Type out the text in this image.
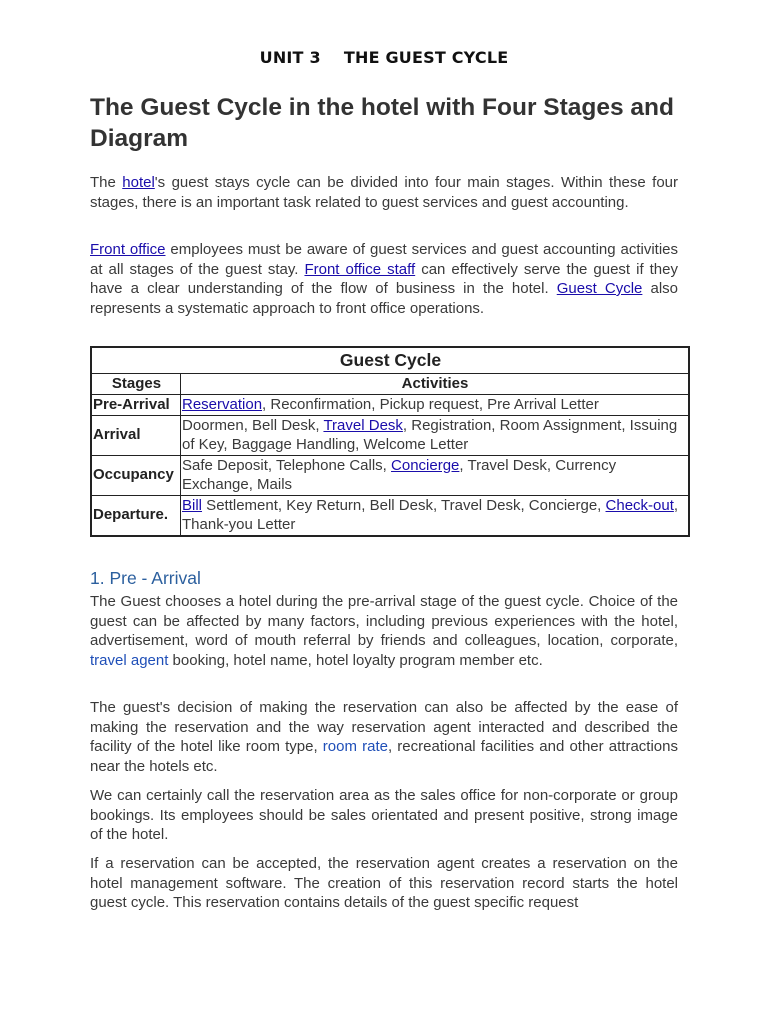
UNIT 3    THE GUEST CYCLE
The Guest Cycle in the hotel with Four Stages and Diagram

The hotel's guest stays cycle can be divided into four main stages. Within these four stages, there is an important task related to guest services and guest accounting.

Front office employees must be aware of guest services and guest accounting activities at all stages of the guest stay. Front office staff can effectively serve the guest if they have a clear understanding of the flow of business in the hotel. Guest Cycle also represents a systematic approach to front office operations.

Guest Cycle	
Stages	Activities
Pre-Arrival	Reservation, Reconfirmation, Pickup request, Pre Arrival Letter
Arrival	Doormen, Bell Desk, Travel Desk, Registration, Room Assignment, Issuing of Key, Baggage Handling, Welcome Letter
Occupancy	Safe Deposit, Telephone Calls, Concierge, Travel Desk, Currency Exchange, Mails
Departure.	Bill Settlement, Key Return, Bell Desk, Travel Desk, Concierge, Check-out, Thank-you Letter
1. Pre - Arrival

The Guest chooses a hotel during the pre-arrival stage of the guest cycle. Choice of the guest can be affected by many factors, including previous experiences with the hotel, advertisement, word of mouth referral by friends and colleagues, location, corporate, travel agent booking, hotel name, hotel loyalty program member etc.

The guest's decision of making the reservation can also be affected by the ease of making the reservation and the way reservation agent interacted and described the facility of the hotel like room type, room rate, recreational facilities and other attractions near the hotels etc.

We can certainly call the reservation area as the sales office for non-corporate or group bookings. Its employees should be sales orientated and present positive, strong image of the hotel.

If a reservation can be accepted, the reservation agent creates a reservation on the hotel management software. The creation of this reservation record starts the hotel guest cycle. This reservation contains details of the guest specific request
